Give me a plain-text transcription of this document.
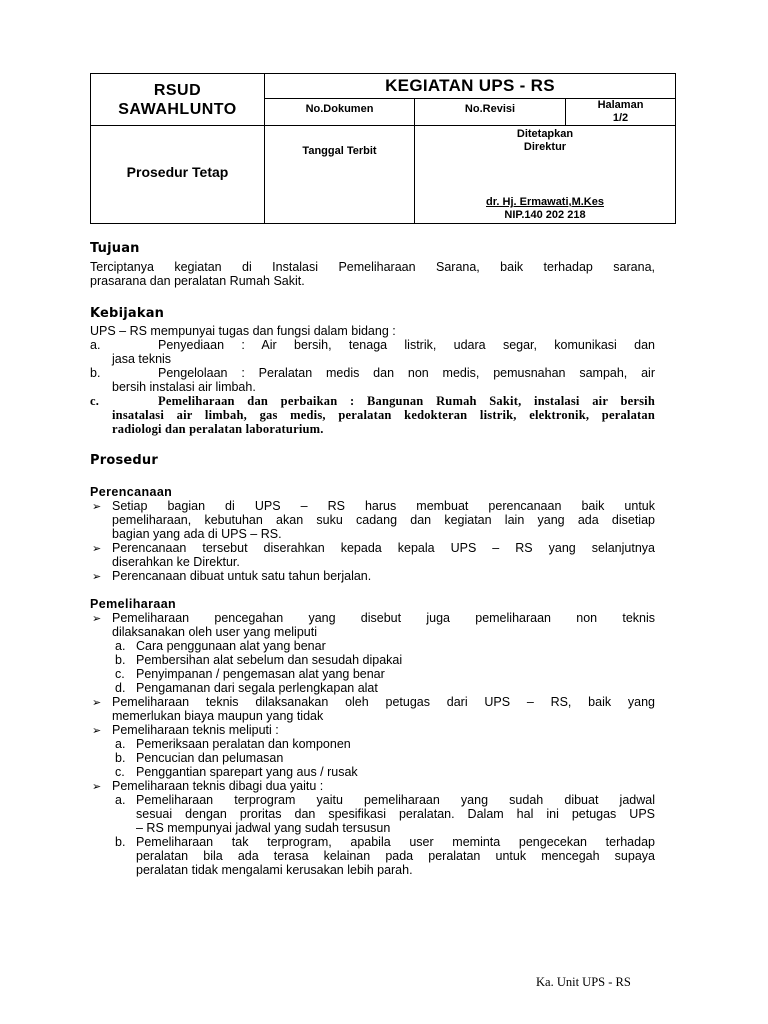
RSUD
SAWAHLUNTO	KEGIATAN UPS - RS		
	No.Dokumen	No.Revisi	Halaman
1/2

Prosedur Tetap	Tanggal Terbit	Ditetapkan
Direktur
dr. Hj. Ermawati,M.Kes
NIP.140 202 218	
Tujuan
Terciptanya kegiatan di Instalasi Pemeliharaan Sarana, baik terhadap sarana,
prasarana dan peralatan Rumah Sakit.
Kebijakan
UPS – RS mempunyai tugas dan fungsi dalam bidang :
a.	Penyediaan : Air bersih, tenaga listrik, udara segar, komunikasi dan
jasa teknis
b.	Pengelolaan : Peralatan medis dan non medis, pemusnahan sampah, air
bersih instalasi air limbah.
c.	Pemeliharaan dan perbaikan : Bangunan Rumah Sakit, instalasi air bersih
insatalasi air limbah, gas medis, peralatan kedokteran listrik, elektronik, peralatan
radiologi dan peralatan laboraturium.
Prosedur
Perencanaan
➢ Setiap bagian di UPS – RS harus membuat perencanaan baik untuk
pemeliharaan, kebutuhan akan suku cadang dan kegiatan lain yang ada disetiap
bagian yang ada di UPS – RS.
➢ Perencanaan tersebut diserahkan kepada kepala UPS – RS yang selanjutnya
diserahkan ke Direktur.
➢ Perencanaan dibuat untuk satu tahun berjalan.
Pemeliharaan
➢ Pemeliharaan pencegahan yang disebut juga pemeliharaan non teknis
dilaksanakan oleh user yang meliputi
a. Cara penggunaan alat yang benar
b. Pembersihan alat sebelum dan sesudah dipakai
c. Penyimpanan / pengemasan alat yang benar
d. Pengamanan dari segala perlengkapan alat
➢ Pemeliharaan teknis dilaksanakan oleh petugas dari UPS – RS, baik yang
memerlukan biaya maupun yang tidak
➢ Pemeliharaan teknis meliputi :
a. Pemeriksaan peralatan dan komponen
b. Pencucian dan pelumasan
c. Penggantian sparepart yang aus / rusak
➢ Pemeliharaan teknis dibagi dua yaitu :
a. Pemeliharaan terprogram yaitu pemeliharaan yang sudah dibuat jadwal
sesuai dengan proritas dan spesifikasi peralatan. Dalam hal ini petugas UPS
– RS mempunyai jadwal yang sudah tersusun
b. Pemeliharaan tak terprogram, apabila user meminta pengecekan terhadap
peralatan bila ada terasa kelainan pada peralatan untuk mencegah supaya
peralatan tidak mengalami kerusakan lebih parah.
Ka. Unit UPS - RS
